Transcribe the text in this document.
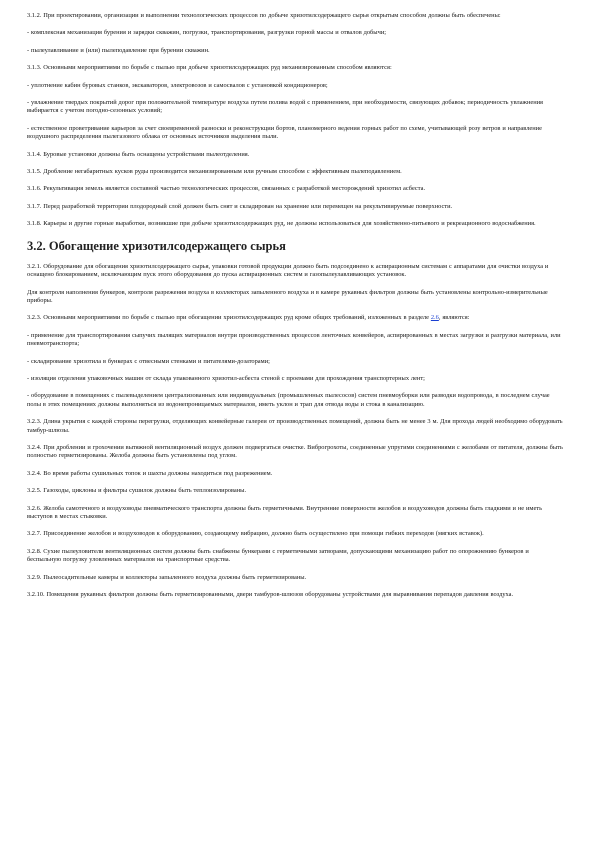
3.1.2. При проектировании, организации и выполнении технологических процессов по добыче хризотилсодержащего сырья открытым способом должны быть обеспечены:

- комплексная механизация бурения и зарядки скважин, погрузки, транспортирования, разгрузки горной массы и отвалов добычи;

- пылеулавливание и (или) пылеподавление при бурении скважин.

3.1.3. Основными мероприятиями по борьбе с пылью при добыче хризотилсодержащих руд механизированным способом являются:

- уплотнение кабин буровых станков, экскаваторов, электровозов и самосвалов с установкой кондиционеров;

- увлажнение твердых покрытий дорог при положительной температуре воздуха путем полива водой с применением, при необходимости, связующих добавок; периодичность увлажнения выбирается с учетом погодно-сезонных условий;

- естественное проветривание карьеров за счет своевременной разноски и реконструкции бортов, планомерного ведения горных работ по схеме, учитывающей розу ветров и направление воздушного распределения пылегазового облака от основных источников выделения пыли.

3.1.4. Буровые установки должны быть оснащены устройствами пылеотделения.

3.1.5. Дробление негабаритных кусков руды производится механизированным или ручным способом с эффективным пылеподавлением.

3.1.6. Рекультивация земель является составной частью технологических процессов, связанных с разработкой месторождений хризотил асбеста.

3.1.7. Перед разработкой территории плодородный слой должен быть снят и складирован на хранение или перемещен на рекультивируемые поверхности.

3.1.8. Карьеры и другие горные выработки, возникшие при добыче хризотилсодержащих руд, не должны использоваться для хозяйственно-питьевого и рекреационного водоснабжения.

3.2. Обогащение хризотилсодержащего сырья

3.2.1. Оборудование для обогащения хризотилсодержащего сырья, упаковки готовой продукции должно быть подсоединено к аспирационным системам с аппаратами для очистки воздуха и оснащено блокированием, исключающим пуск этого оборудования до пуска аспирационных систем и газопылеулавливающих установок.

Для контроля наполнения бункеров, контроля разрежения воздуха в коллекторах запыленного воздуха и в камере рукавных фильтров должны быть установлены контрольно-измерительные приборы.

3.2.3. Основными мероприятиями по борьбе с пылью при обогащении хризотилсодержащих руд кроме общих требований, изложенных в разделе 2.6, являются:

- применение для транспортирования сыпучих пылящих материалов внутри производственных процессов ленточных конвейеров, аспирированных в местах загрузки и разгрузки материала, или пневмотранспорта;

- складирование хризотила в бункерах с отвесными стенками и питателями-дозаторами;

- изоляция отделения упаковочных машин от склада упакованного хризотил-асбеста стеной с проемами для прохождения транспортерных лент;

- оборудование в помещениях с пылевыделением централизованных или индивидуальных (промышленных пылесосов) систем пневмоуборки или разводки водопровода, в последнем случае полы в этих помещениях должны выполняться из водонепроницаемых материалов, иметь уклон и трап для отвода воды и стока в канализацию.

3.2.3. Длина укрытия с каждой стороны перегрузки, отделяющих конвейерные галереи от производственных помещений, должна быть не менее 3 м. Для прохода людей необходимо оборудовать тамбур-шлюзы.

3.2.4. При дроблении и грохочении вытяжной вентиляционный воздух должен подвергаться очистке. Виброгрохоты, соединенные упругими соединениями с желобами от питателя, должны быть полностью герметизированы. Желоба должны быть установлены под углом.

3.2.4. Во время работы сушильных топок и шахты должны находиться под разрежением.

3.2.5. Газоходы, циклоны и фильтры сушилок должны быть теплоизолированы.

3.2.6. Желоба самотечного и воздуховоды пневматического транспорта должны быть герметичными. Внутренние поверхности желобов и воздуховодов должны быть гладкими и не иметь выступов в местах стыковки.

3.2.7. Присоединение желобов и воздуховодов к оборудованию, создающему вибрацию, должно быть осуществлено при помощи гибких переходов (мягких вставок).

3.2.8. Сухие пылеуловители вентиляционных систем должны быть снабжены бункерами с герметичными затворами, допускающими механизацию работ по опорожнению бункеров и беспыльную погрузку уловленных материалов на транспортные средства.

3.2.9. Пылеосадительные камеры и коллекторы запыленного воздуха должны быть герметизированы.

3.2.10. Помещения рукавных фильтров должны быть герметизированными, двери тамбуров-шлюзов оборудованы устройствами для выравнивания перепадов давления воздуха.
